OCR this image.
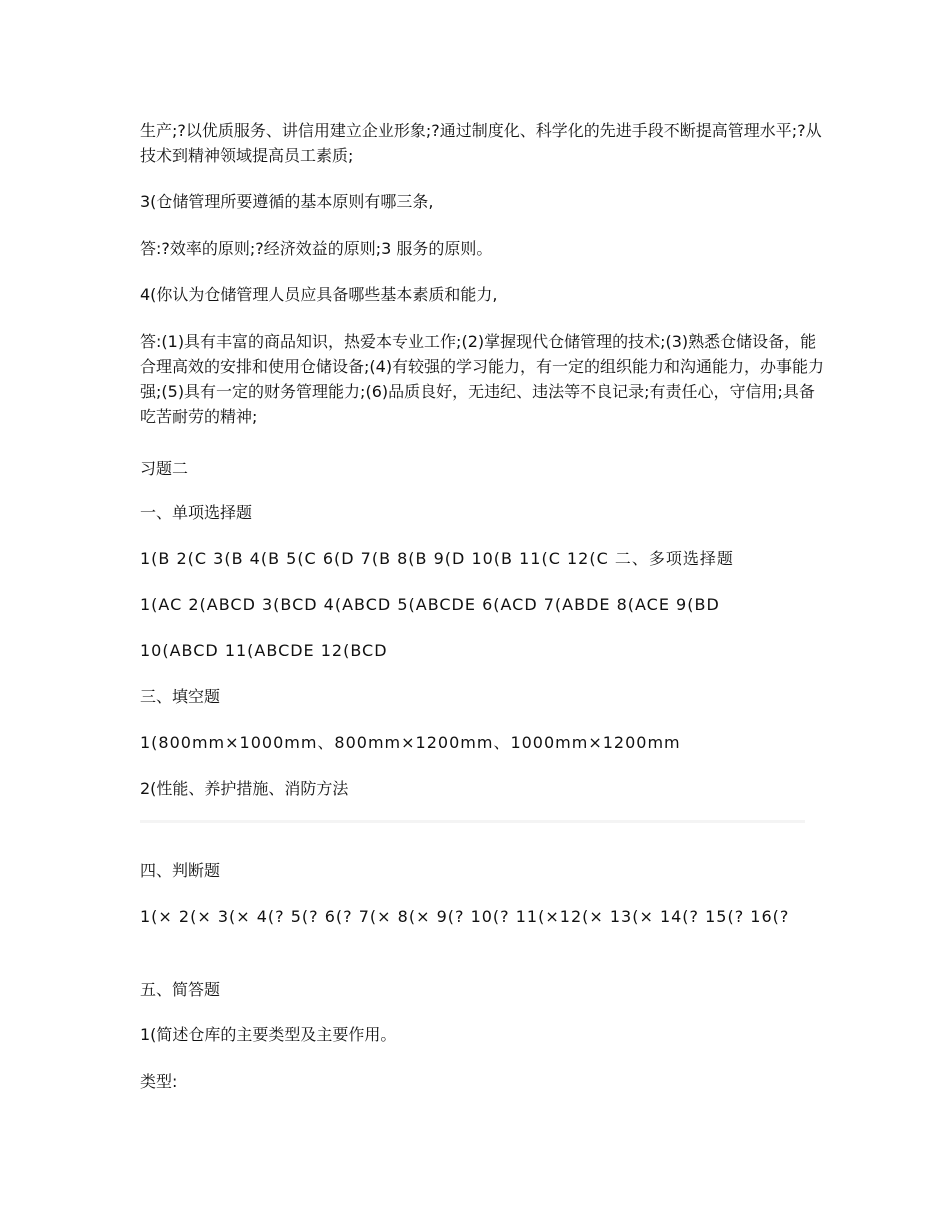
生产;?以优质服务、讲信用建立企业形象;?通过制度化、科学化的先进手段不断提高管理水平;?从技术到精神领域提高员工素质;

3(仓储管理所要遵循的基本原则有哪三条,

答:?效率的原则;?经济效益的原则;3 服务的原则。

4(你认为仓储管理人员应具备哪些基本素质和能力,

答:(1)具有丰富的商品知识，热爱本专业工作;(2)掌握现代仓储管理的技术;(3)熟悉仓储设备，能合理高效的安排和使用仓储设备;(4)有较强的学习能力，有一定的组织能力和沟通能力，办事能力强;(5)具有一定的财务管理能力;(6)品质良好，无违纪、违法等不良记录;有责任心，守信用;具备吃苦耐劳的精神;

习题二

一、单项选择题

1(B 2(C 3(B 4(B 5(C 6(D 7(B 8(B 9(D 10(B 11(C 12(C 二、多项选择题

1(AC 2(ABCD 3(BCD 4(ABCD 5(ABCDE 6(ACD 7(ABDE 8(ACE 9(BD

10(ABCD 11(ABCDE 12(BCD

三、填空题

1(800mm×1000mm、800mm×1200mm、1000mm×1200mm

2(性能、养护措施、消防方法

四、判断题

1(× 2(× 3(× 4(? 5(? 6(? 7(× 8(× 9(? 10(? 11(×12(× 13(× 14(? 15(? 16(?

五、简答题

1(简述仓库的主要类型及主要作用。

类型:
